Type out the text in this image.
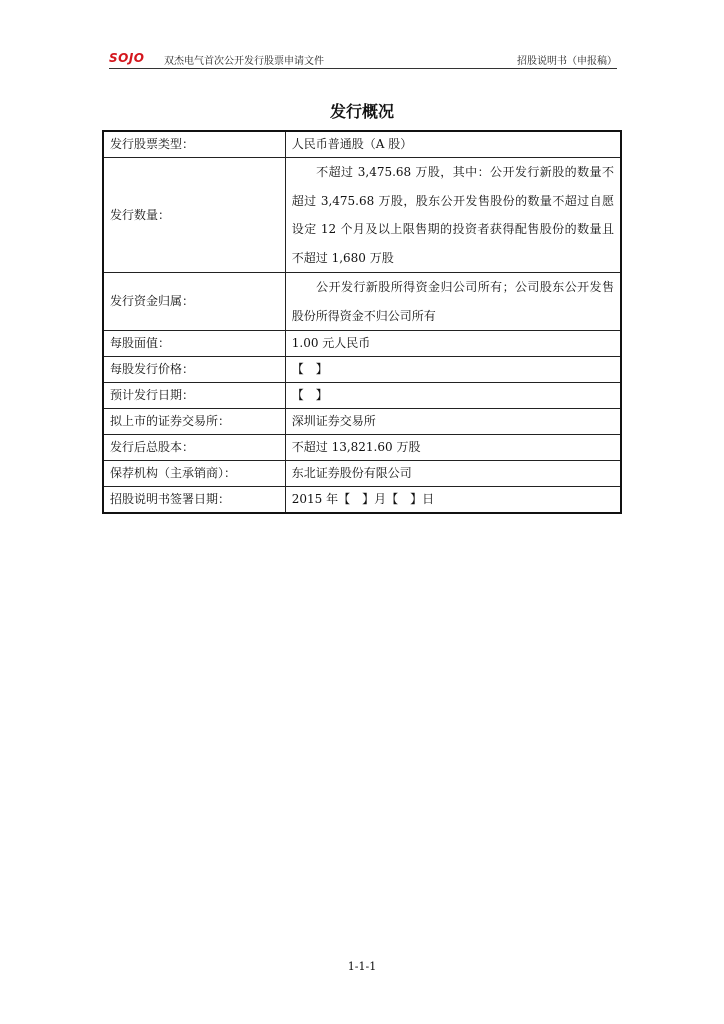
SOJO 双杰电气首次公开发行股票申请文件	招股说明书（申报稿）
发行概况
发行股票类型：	人民币普通股（A 股）
发行数量：	不超过 3,475.68 万股，其中：公开发行新股的数量不超过 3,475.68 万股，股东公开发售股份的数量不超过自愿设定 12 个月及以上限售期的投资者获得配售股份的数量且不超过 1,680 万股
发行资金归属：	公开发行新股所得资金归公司所有；公司股东公开发售股份所得资金不归公司所有
每股面值：	1.00 元人民币
每股发行价格：	【　】
预计发行日期：	【　】
拟上市的证券交易所：	深圳证券交易所
发行后总股本：	不超过 13,821.60 万股
保荐机构（主承销商）：	东北证券股份有限公司
招股说明书签署日期：	2015 年【　】月【　】日
1-1-1
